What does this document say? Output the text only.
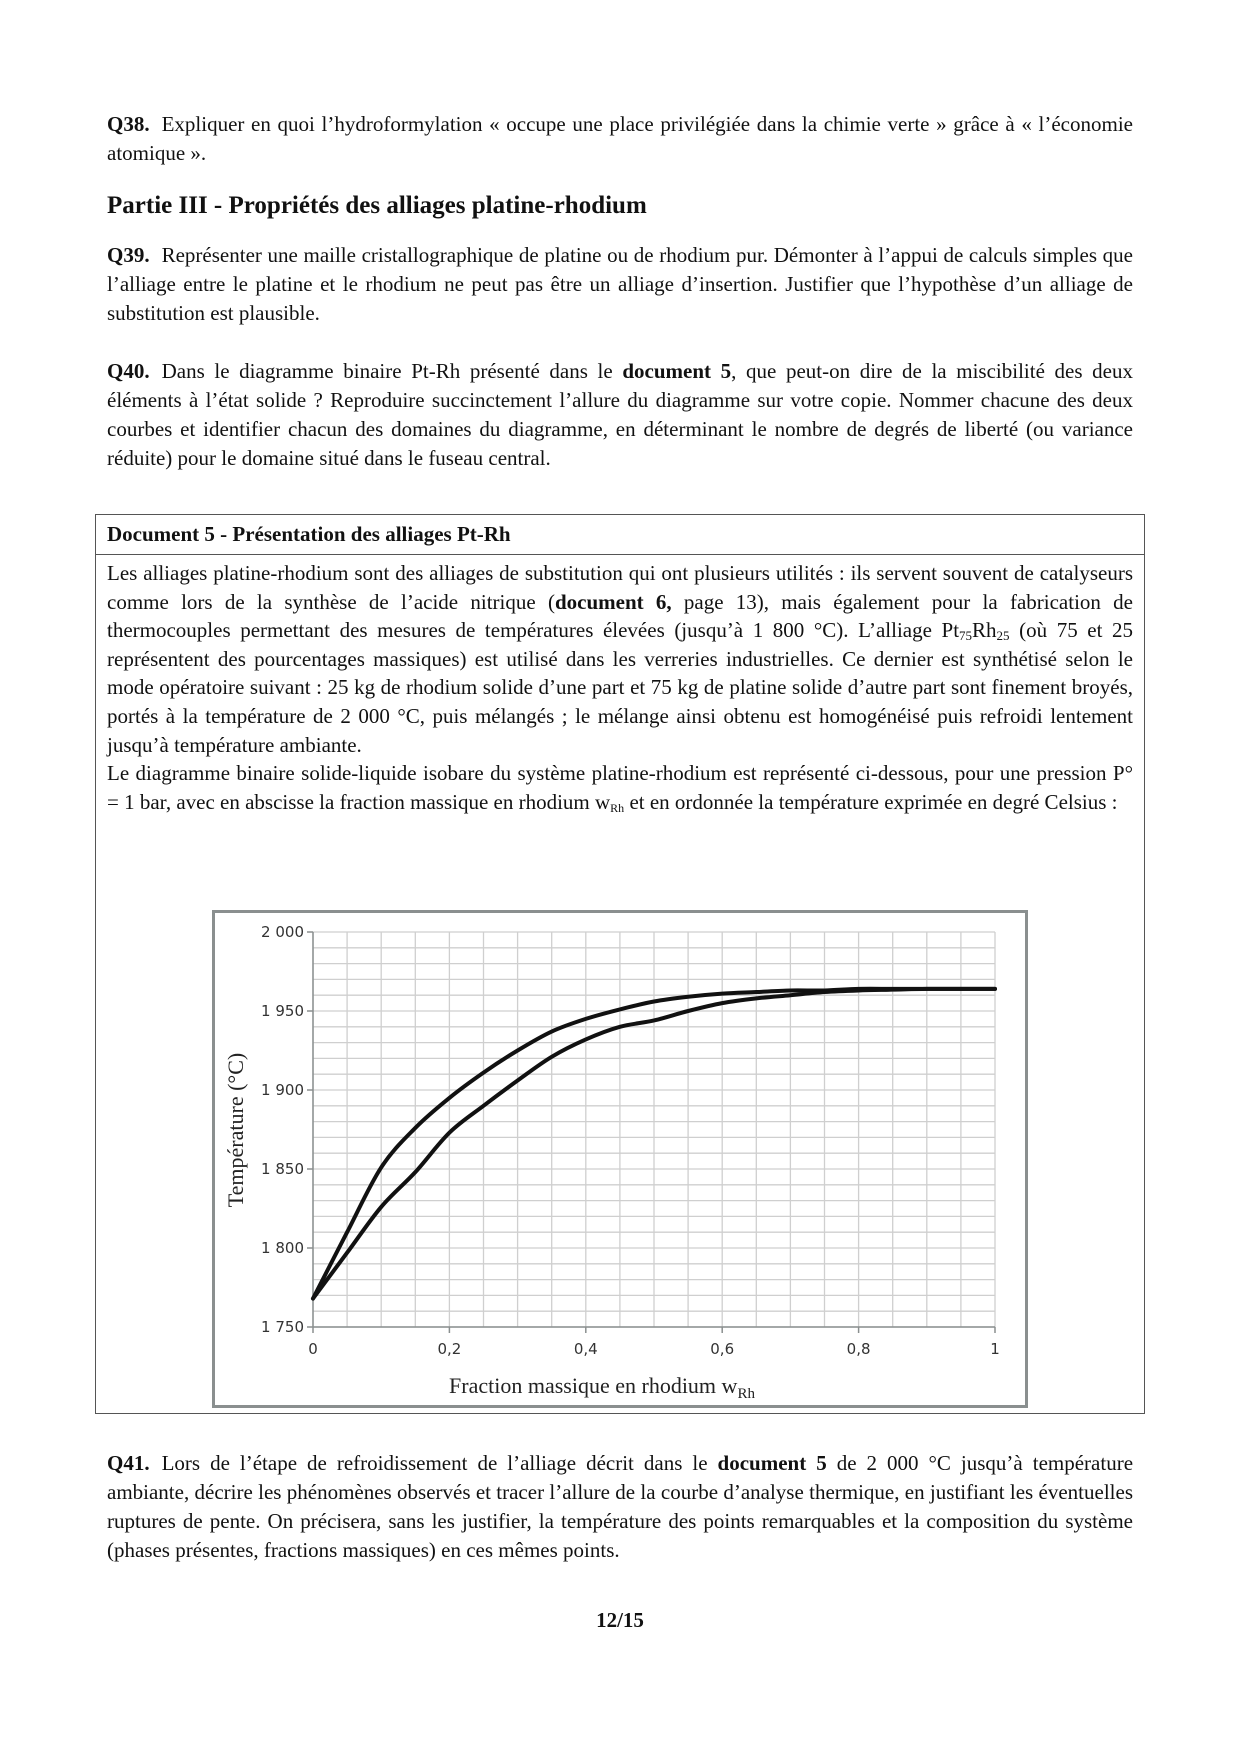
Q38. Expliquer en quoi l’hydroformylation « occupe une place privilégiée dans la chimie verte » grâce à « l’économie atomique ».
Partie III - Propriétés des alliages platine-rhodium
Q39. Représenter une maille cristallographique de platine ou de rhodium pur. Démonter à l’appui de calculs simples que l’alliage entre le platine et le rhodium ne peut pas être un alliage d’insertion. Justifier que l’hypothèse d’un alliage de substitution est plausible.
Q40. Dans le diagramme binaire Pt-Rh présenté dans le document 5, que peut-on dire de la miscibilité des deux éléments à l’état solide ? Reproduire succinctement l’allure du diagramme sur votre copie. Nommer chacune des deux courbes et identifier chacun des domaines du diagramme, en déterminant le nombre de degrés de liberté (ou variance réduite) pour le domaine situé dans le fuseau central.
Document 5 - Présentation des alliages Pt-Rh

Les alliages platine-rhodium sont des alliages de substitution qui ont plusieurs utilités : ils servent souvent de catalyseurs comme lors de la synthèse de l’acide nitrique (document 6, page 13), mais également pour la fabrication de thermocouples permettant des mesures de températures élevées (jusqu’à 1 800 °C). L’alliage $Pt_{75}Rh_{25}$ (où 75 et 25 représentent des pourcentages massiques) est utilisé dans les verreries industrielles. Ce dernier est synthétisé selon le mode opératoire suivant : 25 kg de rhodium solide d’une part et 75 kg de platine solide d’autre part sont finement broyés, portés à la température de 2 000 °C, puis mélangés ; le mélange ainsi obtenu est homogénéisé puis refroidi lentement jusqu’à température ambiante.

Le diagramme binaire solide-liquide isobare du système platine-rhodium est représenté ci-dessous, pour une pression P° = 1 bar, avec en abscisse la fraction massique en rhodium $w_{Rh}$ et en ordonnée la température exprimée en degré Celsius :

1 750
1 800
1 850
1 900
1 950
2 000
0	0,2	0,4	0,6	0,8	1
Fraction massique en rhodium $w_{Rh}$
Température (°C)
Q41. Lors de l’étape de refroidissement de l’alliage décrit dans le document 5 de 2 000 °C jusqu’à température ambiante, décrire les phénomènes observés et tracer l’allure de la courbe d’analyse thermique, en justifiant les éventuelles ruptures de pente. On précisera, sans les justifier, la température des points remarquables et la composition du système (phases présentes, fractions massiques) en ces mêmes points.
12/15
